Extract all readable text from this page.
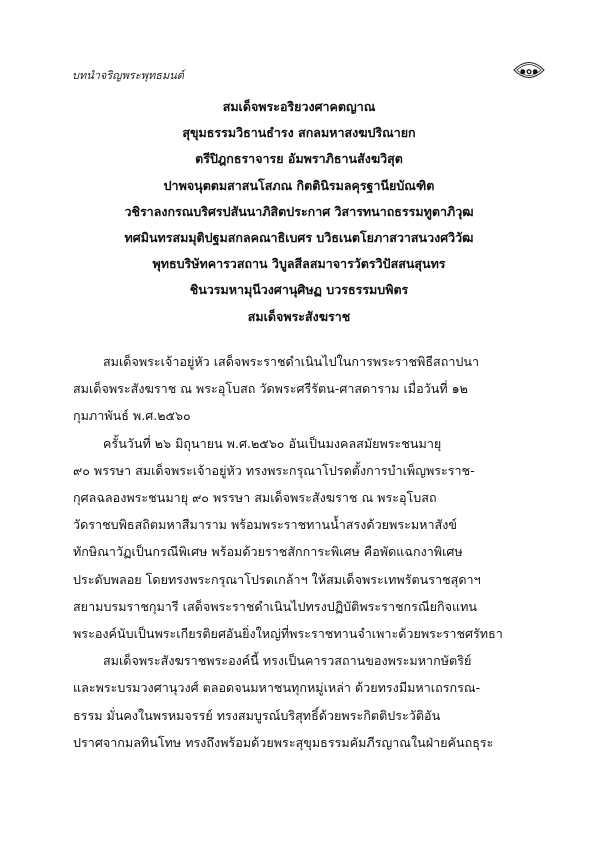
บทนำจริญพระพุทธมนต์	๑๐๑
สมเด็จพระอริยวงศาคตญาณ
สุขุมธรรมวิธานธำรง สกลมหาสงฆปริณายก
ตรีปิฎกธราจารย อัมพราภิธานสังฆวิสุต
ปาพจนุตตมสาสนโสภณ กิตตินิรมลคุรฐานียบัณฑิต
วชิราลงกรณบริศรปสันนาภิสิตประกาศ วิสารทนาถธรรมทูตาภิวุฒ
ทศมินทรสมมุติปฐมสกลคณาธิเบศร บวิธเนตโยภาสวาสนวงศวิวัฒ
พุทธบริษัทคารวสถาน วิบูลสีลสมาจารวัตรวิปัสสนสุนทร
ชินวรมหามุนีวงศานุศิษฏ บวรธรรมบพิตร
สมเด็จพระสังฆราช
สมเด็จพระเจ้าอยู่หัว เสด็จพระราชดำเนินไปในการพระราชพิธีสถาปนา
สมเด็จพระสังฆราช ณ พระอุโบสถ วัดพระศรีรัตน-ศาสดาราม เมื่อวันที่ ๑๒
กุมภาพันธ์ พ.ศ.๒๕๖๐
ครั้นวันที่ ๒๖ มิถุนายน พ.ศ.๒๕๖๐ อันเป็นมงคลสมัยพระชนมายุ
๙๐ พรรษา สมเด็จพระเจ้าอยู่หัว ทรงพระกรุณาโปรดตั้งการบำเพ็ญพระราช-
กุศลฉลองพระชนมายุ ๙๐ พรรษา สมเด็จพระสังฆราช ณ พระอุโบสถ
วัดราชบพิธสถิตมหาสีมาราม พร้อมพระราชทานน้ำสรงด้วยพระมหาสังข์
ทักษิณาวัฏเป็นกรณีพิเศษ พร้อมด้วยราชสักการะพิเศษ คือพัดแฉกงาพิเศษ
ประดับพลอย โดยทรงพระกรุณาโปรดเกล้าฯ ให้สมเด็จพระเทพรัตนราชสุดาฯ
สยามบรมราชกุมารี เสด็จพระราชดำเนินไปทรงปฏิบัติพระราชกรณียกิจแทน
พระองค์นับเป็นพระเกียรติยศอันยิ่งใหญ่ที่พระราชทานจำเพาะด้วยพระราชศรัทธา
สมเด็จพระสังฆราชพระองค์นี้ ทรงเป็นคารวสถานของพระมหากษัตริย์
และพระบรมวงศานุวงศ์ ตลอดจนมหาชนทุกหมู่เหล่า ด้วยทรงมีมหาเถรกรณ-
ธรรม มั่นคงในพรหมจรรย์ ทรงสมบูรณ์บริสุทธิ์ด้วยพระกิตติประวัติอัน
ปราศจากมลทินโทษ ทรงถึงพร้อมด้วยพระสุขุมธรรมคัมภีรญาณในฝ่ายคันถธุระ
